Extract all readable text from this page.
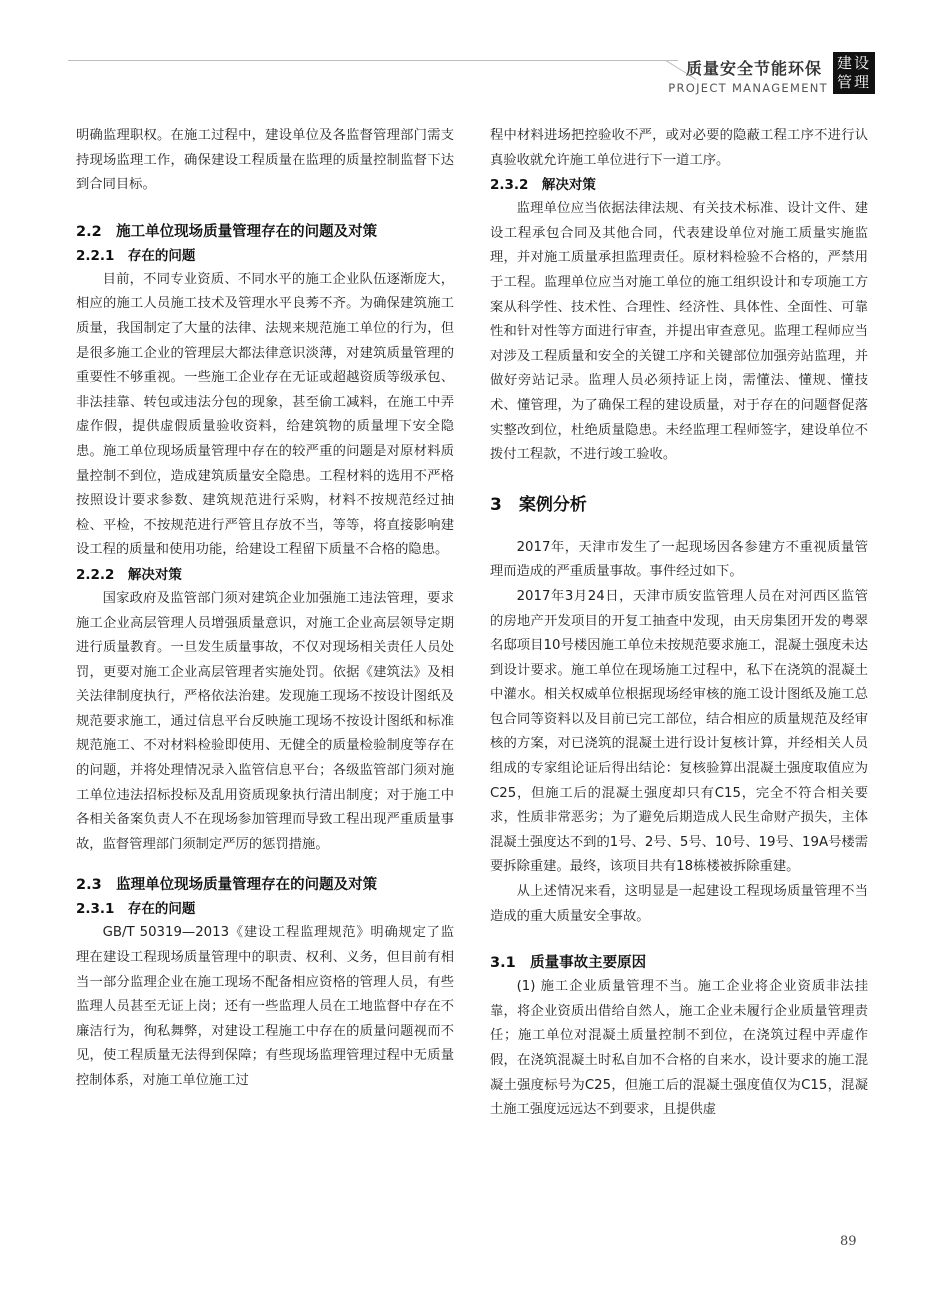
质量安全节能环保
PROJECT MANAGEMENT
建设
管理

明确监理职权。在施工过程中，建设单位及各监督管理部门需支持现场监理工作，确保建设工程质量在监理的质量控制监督下达到合同目标。

2.2　施工单位现场质量管理存在的问题及对策

2.2.1　存在的问题

目前，不同专业资质、不同水平的施工企业队伍逐渐庞大，相应的施工人员施工技术及管理水平良莠不齐。为确保建筑施工质量，我国制定了大量的法律、法规来规范施工单位的行为，但是很多施工企业的管理层大都法律意识淡薄，对建筑质量管理的重要性不够重视。一些施工企业存在无证或超越资质等级承包、非法挂靠、转包或违法分包的现象，甚至偷工减料，在施工中弄虚作假，提供虚假质量验收资料，给建筑物的质量埋下安全隐患。施工单位现场质量管理中存在的较严重的问题是对原材料质量控制不到位，造成建筑质量安全隐患。工程材料的选用不严格按照设计要求参数、建筑规范进行采购，材料不按规范经过抽检、平检，不按规范进行严管且存放不当，等等，将直接影响建设工程的质量和使用功能，给建设工程留下质量不合格的隐患。

2.2.2　解决对策

国家政府及监管部门须对建筑企业加强施工违法管理，要求施工企业高层管理人员增强质量意识，对施工企业高层领导定期进行质量教育。一旦发生质量事故，不仅对现场相关责任人员处罚，更要对施工企业高层管理者实施处罚。依据《建筑法》及相关法律制度执行，严格依法治建。发现施工现场不按设计图纸及规范要求施工，通过信息平台反映施工现场不按设计图纸和标准规范施工、不对材料检验即使用、无健全的质量检验制度等存在的问题，并将处理情况录入监管信息平台；各级监管部门须对施工单位违法招标投标及乱用资质现象执行清出制度；对于施工中各相关备案负责人不在现场参加管理而导致工程出现严重质量事故，监督管理部门须制定严厉的惩罚措施。

2.3　监理单位现场质量管理存在的问题及对策

2.3.1　存在的问题

GB/T 50319—2013《建设工程监理规范》明确规定了监理在建设工程现场质量管理中的职责、权利、义务，但目前有相当一部分监理企业在施工现场不配备相应资格的管理人员，有些监理人员甚至无证上岗；还有一些监理人员在工地监督中存在不廉洁行为，徇私舞弊，对建设工程施工中存在的质量问题视而不见，使工程质量无法得到保障；有些现场监理管理过程中无质量控制体系，对施工单位施工过

程中材料进场把控验收不严，或对必要的隐蔽工程工序不进行认真验收就允许施工单位进行下一道工序。

2.3.2　解决对策

监理单位应当依据法律法规、有关技术标准、设计文件、建设工程承包合同及其他合同，代表建设单位对施工质量实施监理，并对施工质量承担监理责任。原材料检验不合格的，严禁用于工程。监理单位应当对施工单位的施工组织设计和专项施工方案从科学性、技术性、合理性、经济性、具体性、全面性、可靠性和针对性等方面进行审查，并提出审查意见。监理工程师应当对涉及工程质量和安全的关键工序和关键部位加强旁站监理，并做好旁站记录。监理人员必须持证上岗，需懂法、懂规、懂技术、懂管理，为了确保工程的建设质量，对于存在的问题督促落实整改到位，杜绝质量隐患。未经监理工程师签字，建设单位不拨付工程款，不进行竣工验收。

3　案例分析

2017年，天津市发生了一起现场因各参建方不重视质量管理而造成的严重质量事故。事件经过如下。

2017年3月24日，天津市质安监管理人员在对河西区监管的房地产开发项目的开复工抽查中发现，由天房集团开发的粤翠名邸项目10号楼因施工单位未按规范要求施工，混凝土强度未达到设计要求。施工单位在现场施工过程中，私下在浇筑的混凝土中灌水。相关权威单位根据现场经审核的施工设计图纸及施工总包合同等资料以及目前已完工部位，结合相应的质量规范及经审核的方案，对已浇筑的混凝土进行设计复核计算，并经相关人员组成的专家组论证后得出结论：复核验算出混凝土强度取值应为C25，但施工后的混凝土强度却只有C15，完全不符合相关要求，性质非常恶劣；为了避免后期造成人民生命财产损失，主体混凝土强度达不到的1号、2号、5号、10号、19号、19A号楼需要拆除重建。最终，该项目共有18栋楼被拆除重建。

从上述情况来看，这明显是一起建设工程现场质量管理不当造成的重大质量安全事故。

3.1　质量事故主要原因

(1) 施工企业质量管理不当。施工企业将企业资质非法挂靠，将企业资质出借给自然人，施工企业未履行企业质量管理责任；施工单位对混凝土质量控制不到位，在浇筑过程中弄虚作假，在浇筑混凝土时私自加不合格的自来水，设计要求的施工混凝土强度标号为C25，但施工后的混凝土强度值仅为C15，混凝土施工强度远远达不到要求，且提供虚

89
